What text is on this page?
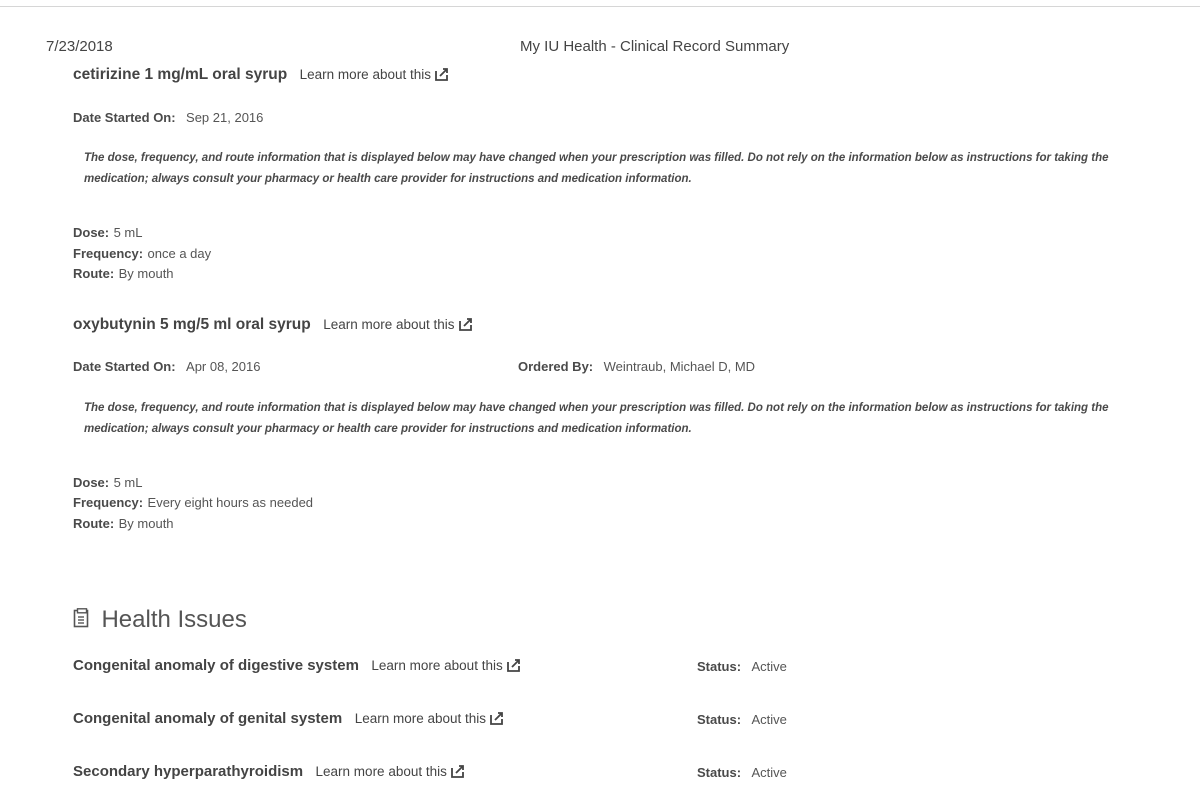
7/23/2018	My IU Health - Clinical Record Summary
cetirizine 1 mg/mL oral syrup Learn more about this
Date Started On: Sep 21, 2016
The dose, frequency, and route information that is displayed below may have changed when your prescription was filled. Do not rely on the information below as instructions for taking the medication; always consult your pharmacy or health care provider for instructions and medication information.
Dose: 5 mL
Frequency: once a day
Route: By mouth
oxybutynin 5 mg/5 ml oral syrup Learn more about this
Date Started On: Apr 08, 2016	Ordered By: Weintraub, Michael D, MD
The dose, frequency, and route information that is displayed below may have changed when your prescription was filled. Do not rely on the information below as instructions for taking the medication; always consult your pharmacy or health care provider for instructions and medication information.
Dose: 5 mL
Frequency: Every eight hours as needed
Route: By mouth
Health Issues
Congenital anomaly of digestive system Learn more about this	Status: Active
Congenital anomaly of genital system Learn more about this	Status: Active
Secondary hyperparathyroidism Learn more about this	Status: Active
